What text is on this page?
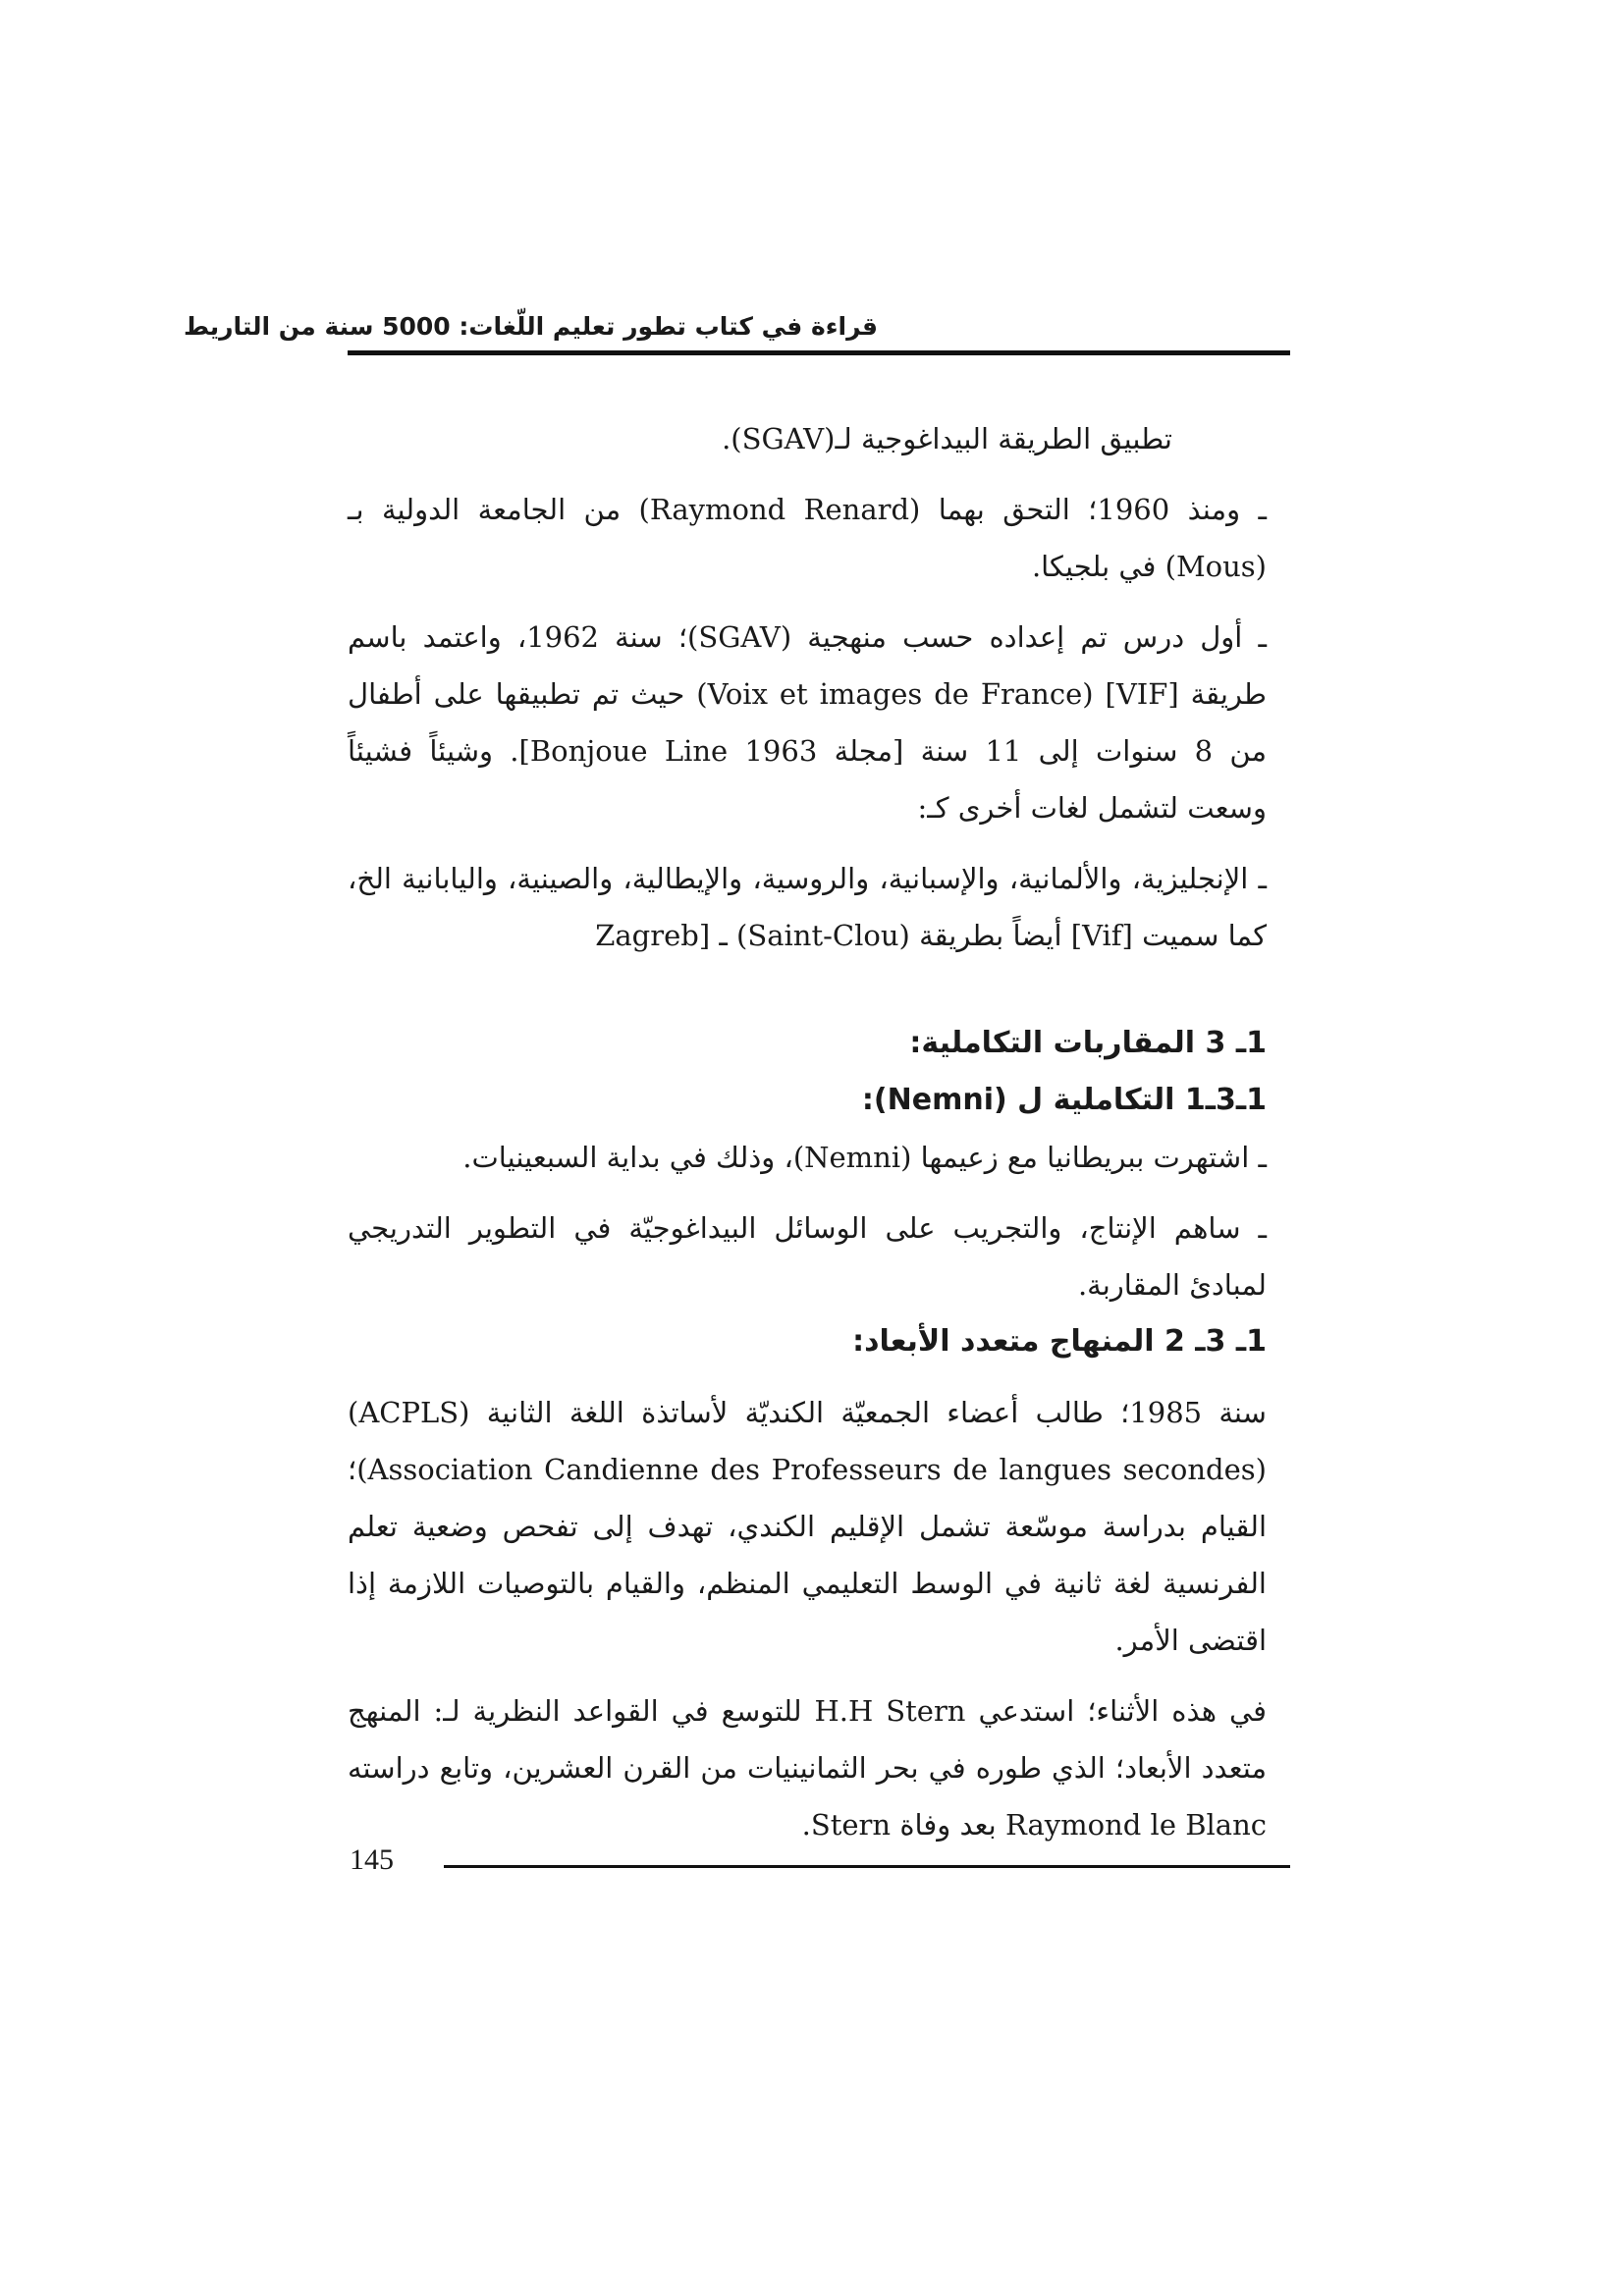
قراءة في كتاب تطور تعليم اللّغات: 5000 سنة من التاريط

تطبيق الطريقة البيداغوجية لـ(SGAV).

ـ ومنذ 1960؛ التحق بهما (Raymond Renard) من الجامعة الدولية بـ (Mous) في بلجيكا.

ـ أول درس تم إعداده حسب منهجية (SGAV)؛ سنة 1962، واعتمد باسم طريقة [VIF] (Voix et images de France) حيث تم تطبيقها على أطفال من 8 سنوات إلى 11 سنة [مجلة 1963 Bonjoue Line]. وشيئاً فشيئاً وسعت لتشمل لغات أخرى كـ:

ـ الإنجليزية، والألمانية، والإسبانية، والروسية، والإيطالية، والصينية، واليابانية الخ، كما سميت [Vif] أيضاً بطريقة (Saint-Clou) ـ [Zagreb

1ـ 3 المقاربات التكاملية:

1ـ3ـ1 التكاملية ل (Nemni):

ـ اشتهرت ببريطانيا مع زعيمها (Nemni)، وذلك في بداية السبعينيات.

ـ ساهم الإنتاج، والتجريب على الوسائل البيداغوجيّة في التطوير التدريجي لمبادئ المقاربة.

1ـ 3ـ 2 المنهاج متعدد الأبعاد:

سنة 1985؛ طالب أعضاء الجمعيّة الكنديّة لأساتذة اللغة الثانية (ACPLS) (Association Candienne des Professeurs de langues secondes)؛ القيام بدراسة موسّعة تشمل الإقليم الكندي، تهدف إلى تفحص وضعية تعلم الفرنسية لغة ثانية في الوسط التعليمي المنظم، والقيام بالتوصيات اللازمة إذا اقتضى الأمر.

في هذه الأثناء؛ استدعي H.H Stern للتوسع في القواعد النظرية لـ: المنهج متعدد الأبعاد؛ الذي طوره في بحر الثمانينيات من القرن العشرين، وتابع دراسته Raymond le Blanc بعد وفاة Stern.

145
